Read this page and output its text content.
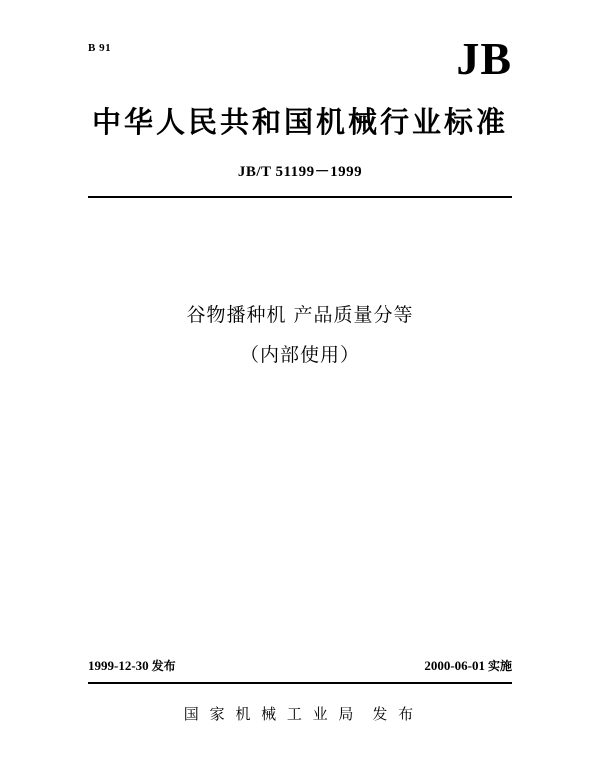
B 91	JB
中华人民共和国机械行业标准
JB/T 51199－1999
谷物播种机 产品质量分等
（内部使用）
1999-12-30 发布	2000-06-01 实施
国 家 机 械 工 业 局 发 布
